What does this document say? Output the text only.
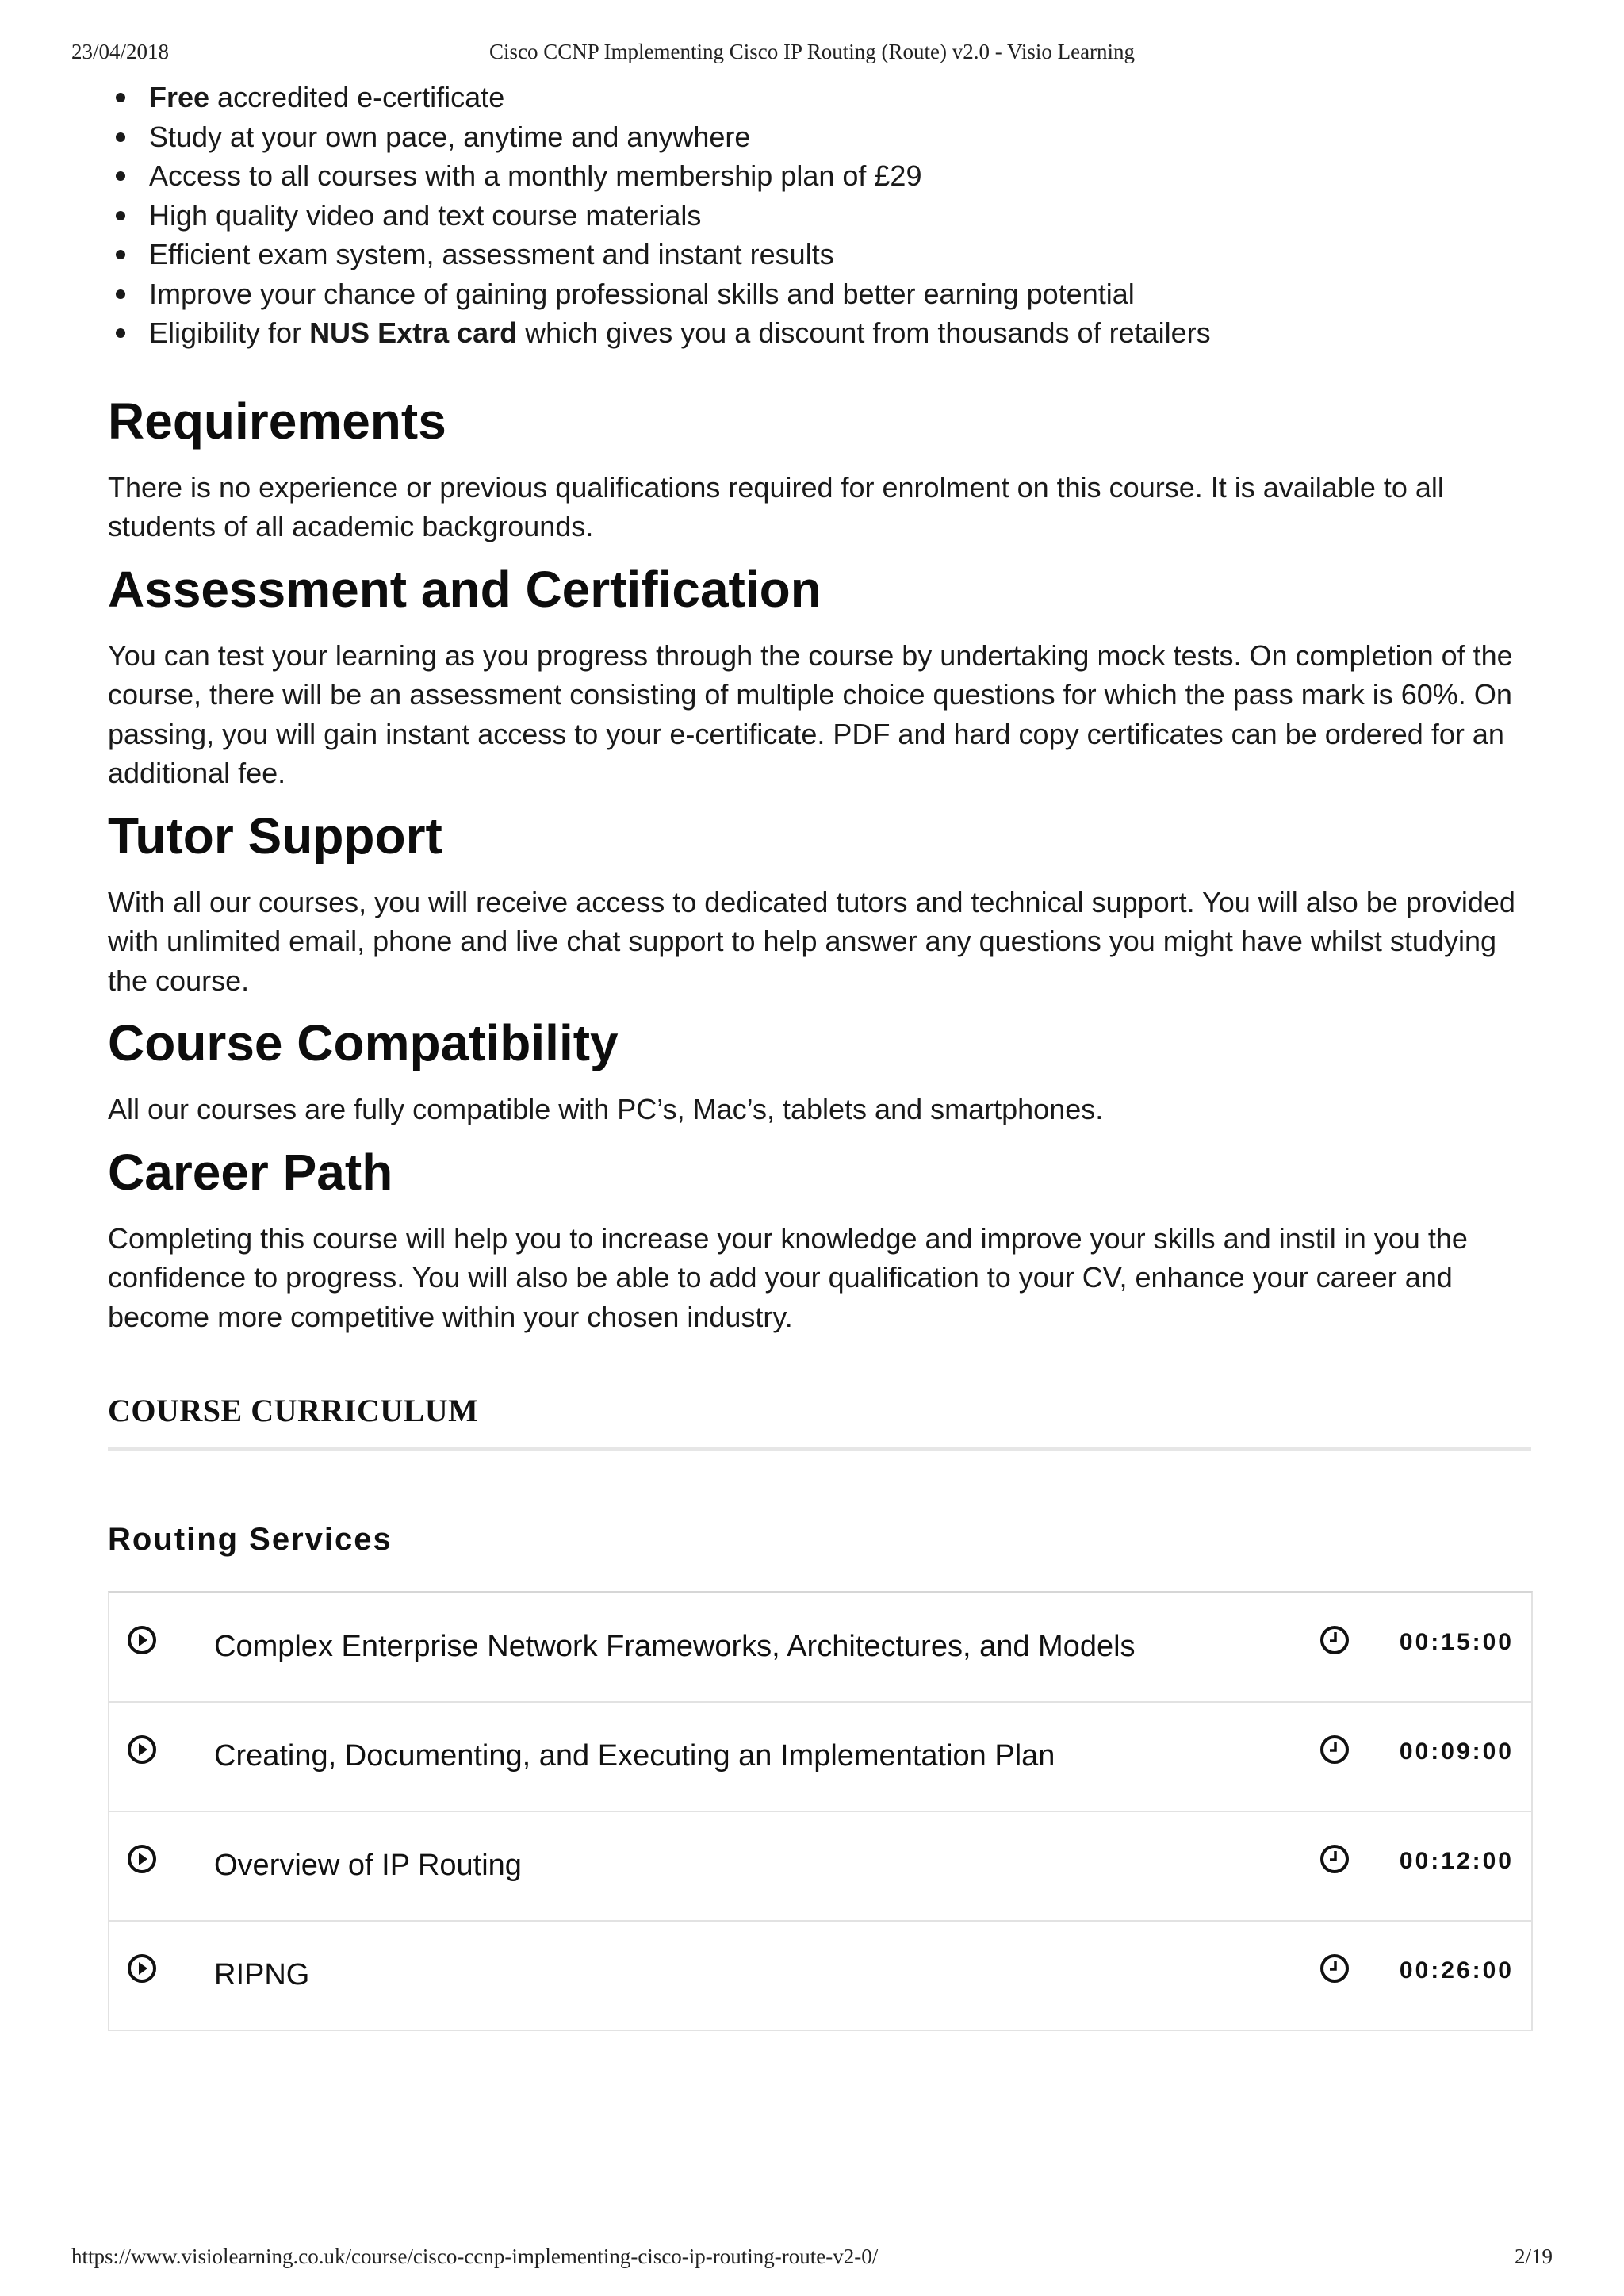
23/04/2018	Cisco CCNP Implementing Cisco IP Routing (Route) v2.0 - Visio Learning
Free accredited e-certificate
Study at your own pace, anytime and anywhere
Access to all courses with a monthly membership plan of £29
High quality video and text course materials
Efficient exam system, assessment and instant results
Improve your chance of gaining professional skills and better earning potential
Eligibility for NUS Extra card which gives you a discount from thousands of retailers
Requirements

There is no experience or previous qualifications required for enrolment on this course. It is available to all students of all academic backgrounds.

Assessment and Certification

You can test your learning as you progress through the course by undertaking mock tests. On completion of the course, there will be an assessment consisting of multiple choice questions for which the pass mark is 60%. On passing, you will gain instant access to your e-certificate. PDF and hard copy certificates can be ordered for an additional fee.

Tutor Support

With all our courses, you will receive access to dedicated tutors and technical support. You will also be provided with unlimited email, phone and live chat support to help answer any questions you might have whilst studying the course.

Course Compatibility

All our courses are fully compatible with PC’s, Mac’s, tablets and smartphones.

Career Path

Completing this course will help you to increase your knowledge and improve your skills and instil in you the confidence to progress. You will also be able to add your qualification to your CV, enhance your career and become more competitive within your chosen industry.

COURSE CURRICULUM
Routing Services
Complex Enterprise Network Frameworks, Architectures, and Models	00:15:00
Creating, Documenting, and Executing an Implementation Plan	00:09:00
Overview of IP Routing	00:12:00
RIPNG	00:26:00
https://www.visiolearning.co.uk/course/cisco-ccnp-implementing-cisco-ip-routing-route-v2-0/	2/19
